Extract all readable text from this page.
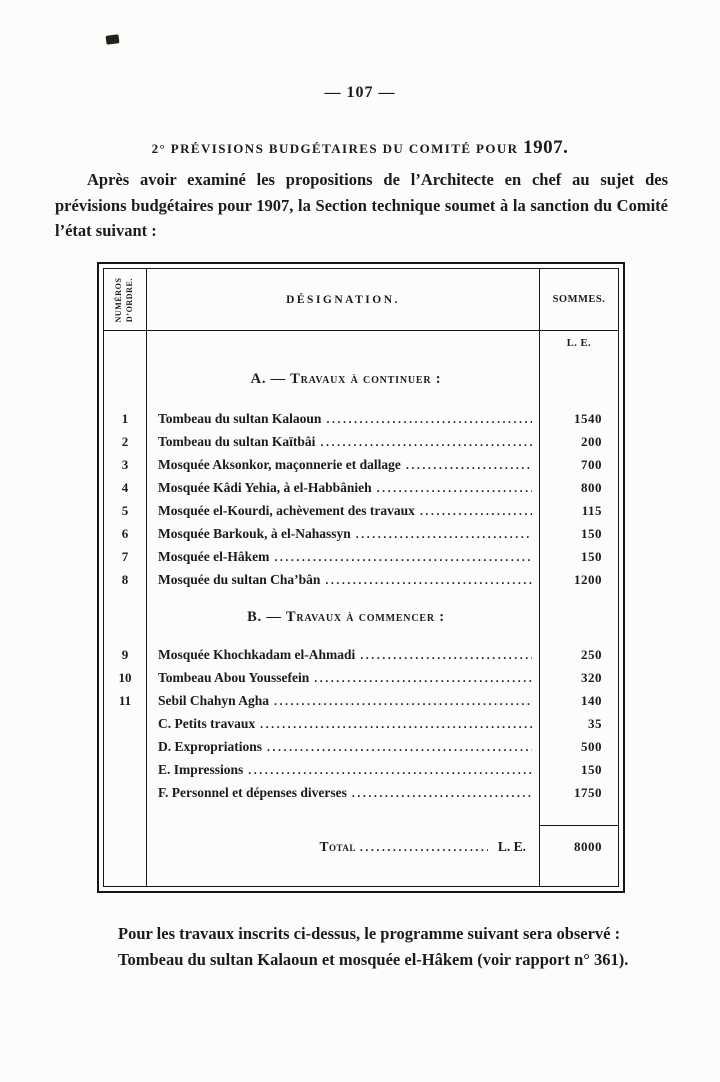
— 107 —
2° PRÉVISIONS BUDGÉTAIRES DU COMITÉ POUR 1907.

Après avoir examiné les propositions de l’Architecte en chef au sujet des prévisions budgétaires pour 1907, la Section technique soumet à la sanction du Comité l’état suivant :

NUMÉROS D’ORDRE.	DÉSIGNATION.	SOMMES.
L. E.
A. — Travaux à continuer :
1	Tombeau du sultan Kalaoun .....	1540
2	Tombeau du sultan Kaïtbâi .....	200
3	Mosquée Aksonkor, maçonnerie et dallage .....	700
4	Mosquée Kâdi Yehia, à el-Habbânieh .....	800
5	Mosquée el-Kourdi, achèvement des travaux .....	115
6	Mosquée Barkouk, à el-Nahassyn .....	150
7	Mosquée el-Hâkem .....	150
8	Mosquée du sultan Cha’bân .....	1200
B. — Travaux à commencer :
9	Mosquée Khochkadam el-Ahmadi .....	250
10	Tombeau Abou Youssefein .....	320
11	Sebil Chahyn Agha .....	140
C. Petits travaux .....	35
D. Expropriations .....	500
E. Impressions .....	150
F. Personnel et dépenses diverses .....	1750
Total .....	L. E.	8000
Pour les travaux inscrits ci-dessus, le programme suivant sera observé :
Tombeau du sultan Kalaoun et mosquée el-Hâkem (voir rapport n° 361).
